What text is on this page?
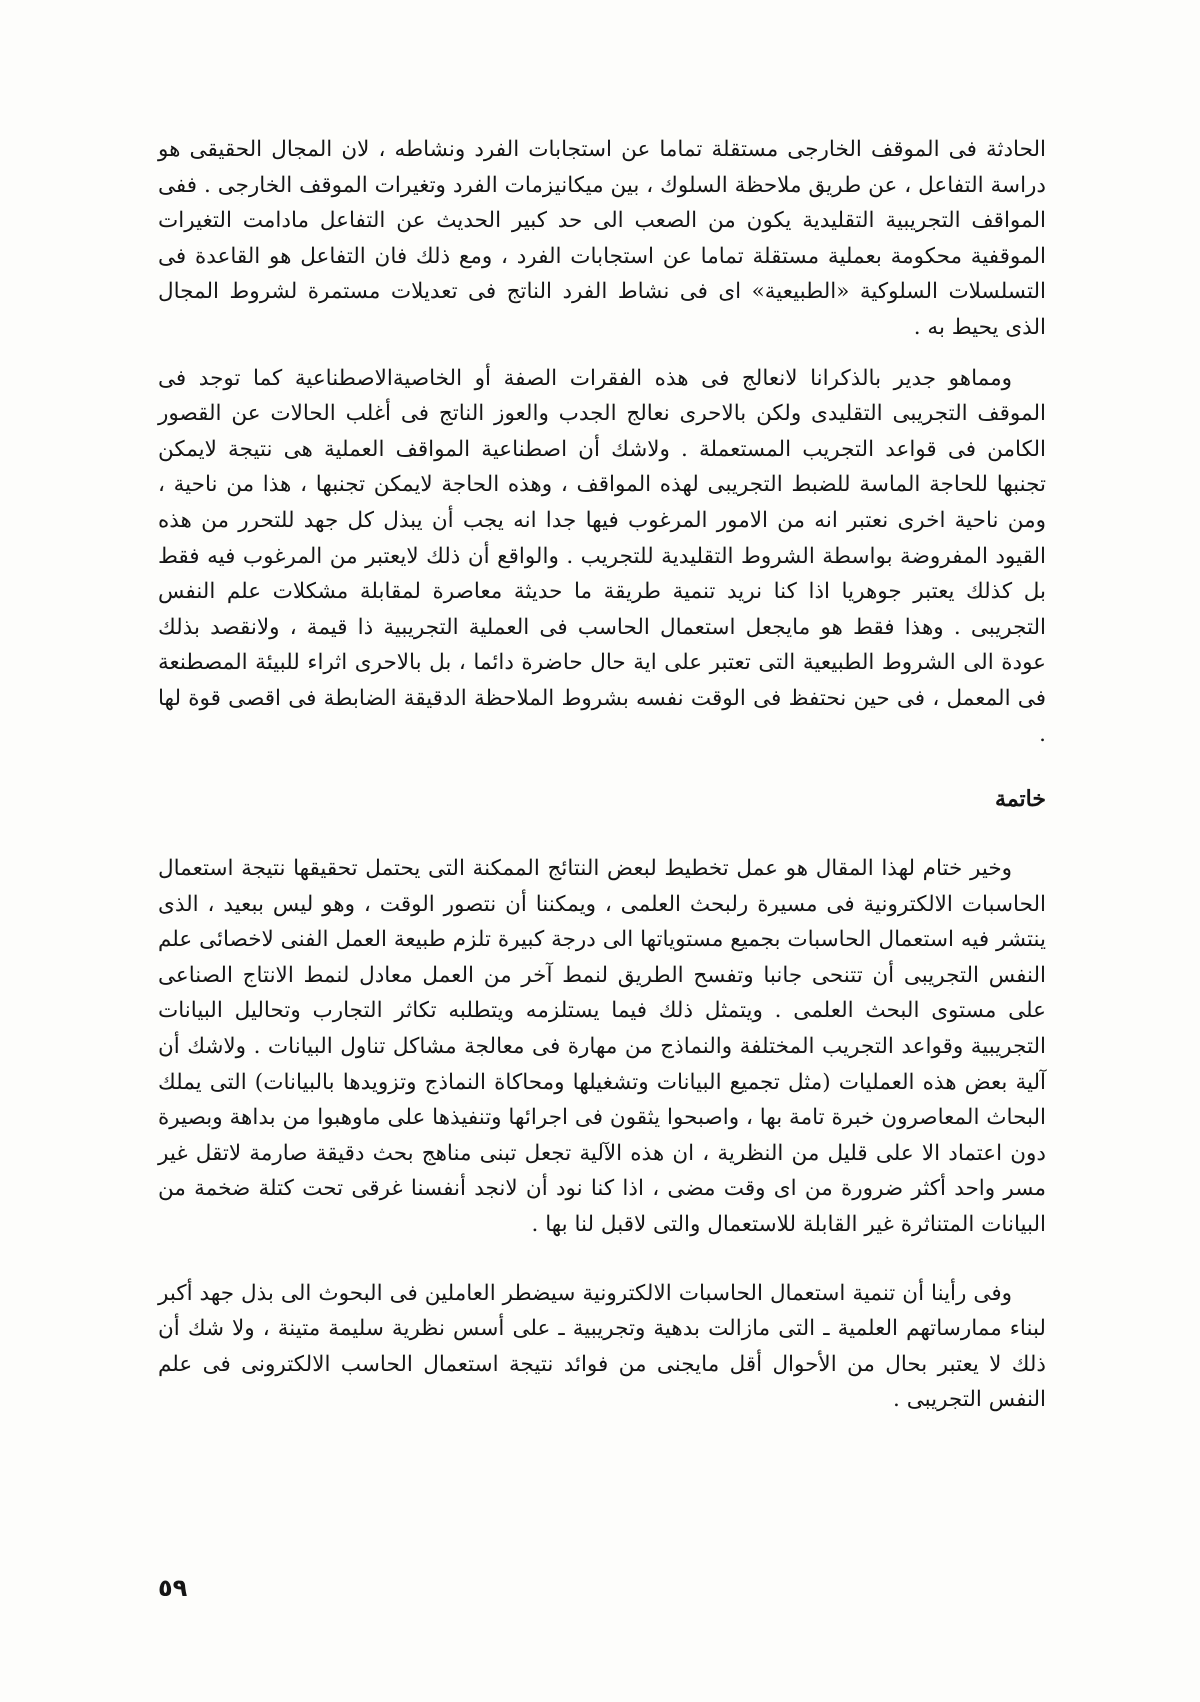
الحادثة فى الموقف الخارجى مستقلة تماما عن استجابات الفرد ونشاطه ، لان المجال الحقيقى هو دراسة التفاعل ، عن طريق ملاحظة السلوك ، بين ميكانيزمات الفرد وتغيرات الموقف الخارجى . ففى المواقف التجريبية التقليدية يكون من الصعب الى حد كبير الحديث عن التفاعل مادامت التغيرات الموقفية محكومة بعملية مستقلة تماما عن استجابات الفرد ، ومع ذلك فان التفاعل هو القاعدة فى التسلسلات السلوكية «الطبيعية» اى فى نشاط الفرد الناتج فى تعديلات مستمرة لشروط المجال الذى يحيط به .

ومماهو جدير بالذكرانا لانعالج فى هذه الفقرات الصفة أو الخاصيةالاصطناعية كما توجد فى الموقف التجريبى التقليدى ولكن بالاحرى نعالج الجدب والعوز الناتج فى أغلب الحالات عن القصور الكامن فى قواعد التجريب المستعملة . ولاشك أن اصطناعية المواقف العملية هى نتيجة لايمكن تجنبها للحاجة الماسة للضبط التجريبى لهذه المواقف ، وهذه الحاجة لايمكن تجنبها ، هذا من ناحية ، ومن ناحية اخرى نعتبر انه من الامور المرغوب فيها جدا انه يجب أن يبذل كل جهد للتحرر من هذه القيود المفروضة بواسطة الشروط التقليدية للتجريب . والواقع أن ذلك لايعتبر من المرغوب فيه فقط بل كذلك يعتبر جوهريا اذا كنا نريد تنمية طريقة ما حديثة معاصرة لمقابلة مشكلات علم النفس التجريبى . وهذا فقط هو مايجعل استعمال الحاسب فى العملية التجريبية ذا قيمة ، ولانقصد بذلك عودة الى الشروط الطبيعية التى تعتبر على اية حال حاضرة دائما ، بل بالاحرى اثراء للبيئة المصطنعة فى المعمل ، فى حين نحتفظ فى الوقت نفسه بشروط الملاحظة الدقيقة الضابطة فى اقصى قوة لها .

خاتمة

وخير ختام لهذا المقال هو عمل تخطيط لبعض النتائج الممكنة التى يحتمل تحقيقها نتيجة استعمال الحاسبات الالكترونية فى مسيرة رلبحث العلمى ، ويمكننا أن نتصور الوقت ، وهو ليس ببعيد ، الذى ينتشر فيه استعمال الحاسبات بجميع مستوياتها الى درجة كبيرة تلزم طبيعة العمل الفنى لاخصائى علم النفس التجريبى أن تتنحى جانبا وتفسح الطريق لنمط آخر من العمل معادل لنمط الانتاج الصناعى على مستوى البحث العلمى . ويتمثل ذلك فيما يستلزمه ويتطلبه تكاثر التجارب وتحاليل البيانات التجريبية وقواعد التجريب المختلفة والنماذج من مهارة فى معالجة مشاكل تناول البيانات . ولاشك أن آلية بعض هذه العمليات (مثل تجميع البيانات وتشغيلها ومحاكاة النماذج وتزويدها بالبيانات) التى يملك البحاث المعاصرون خبرة تامة بها ، واصبحوا يثقون فى اجرائها وتنفيذها على ماوهبوا من بداهة وبصيرة دون اعتماد الا على قليل من النظرية ، ان هذه الآلية تجعل تبنى مناهج بحث دقيقة صارمة لاتقل غير مسر واحد أكثر ضرورة من اى وقت مضى ، اذا كنا نود أن لانجد أنفسنا غرقى تحت كتلة ضخمة من البيانات المتناثرة غير القابلة للاستعمال والتى لاقبل لنا بها .

وفى رأينا أن تنمية استعمال الحاسبات الالكترونية سيضطر العاملين فى البحوث الى بذل جهد أكبر لبناء ممارساتهم العلمية ـ التى مازالت بدهية وتجريبية ـ على أسس نظرية سليمة متينة ، ولا شك أن ذلك لا يعتبر بحال من الأحوال أقل مايجنى من فوائد نتيجة استعمال الحاسب الالكترونى فى علم النفس التجريبى .

٥٩
